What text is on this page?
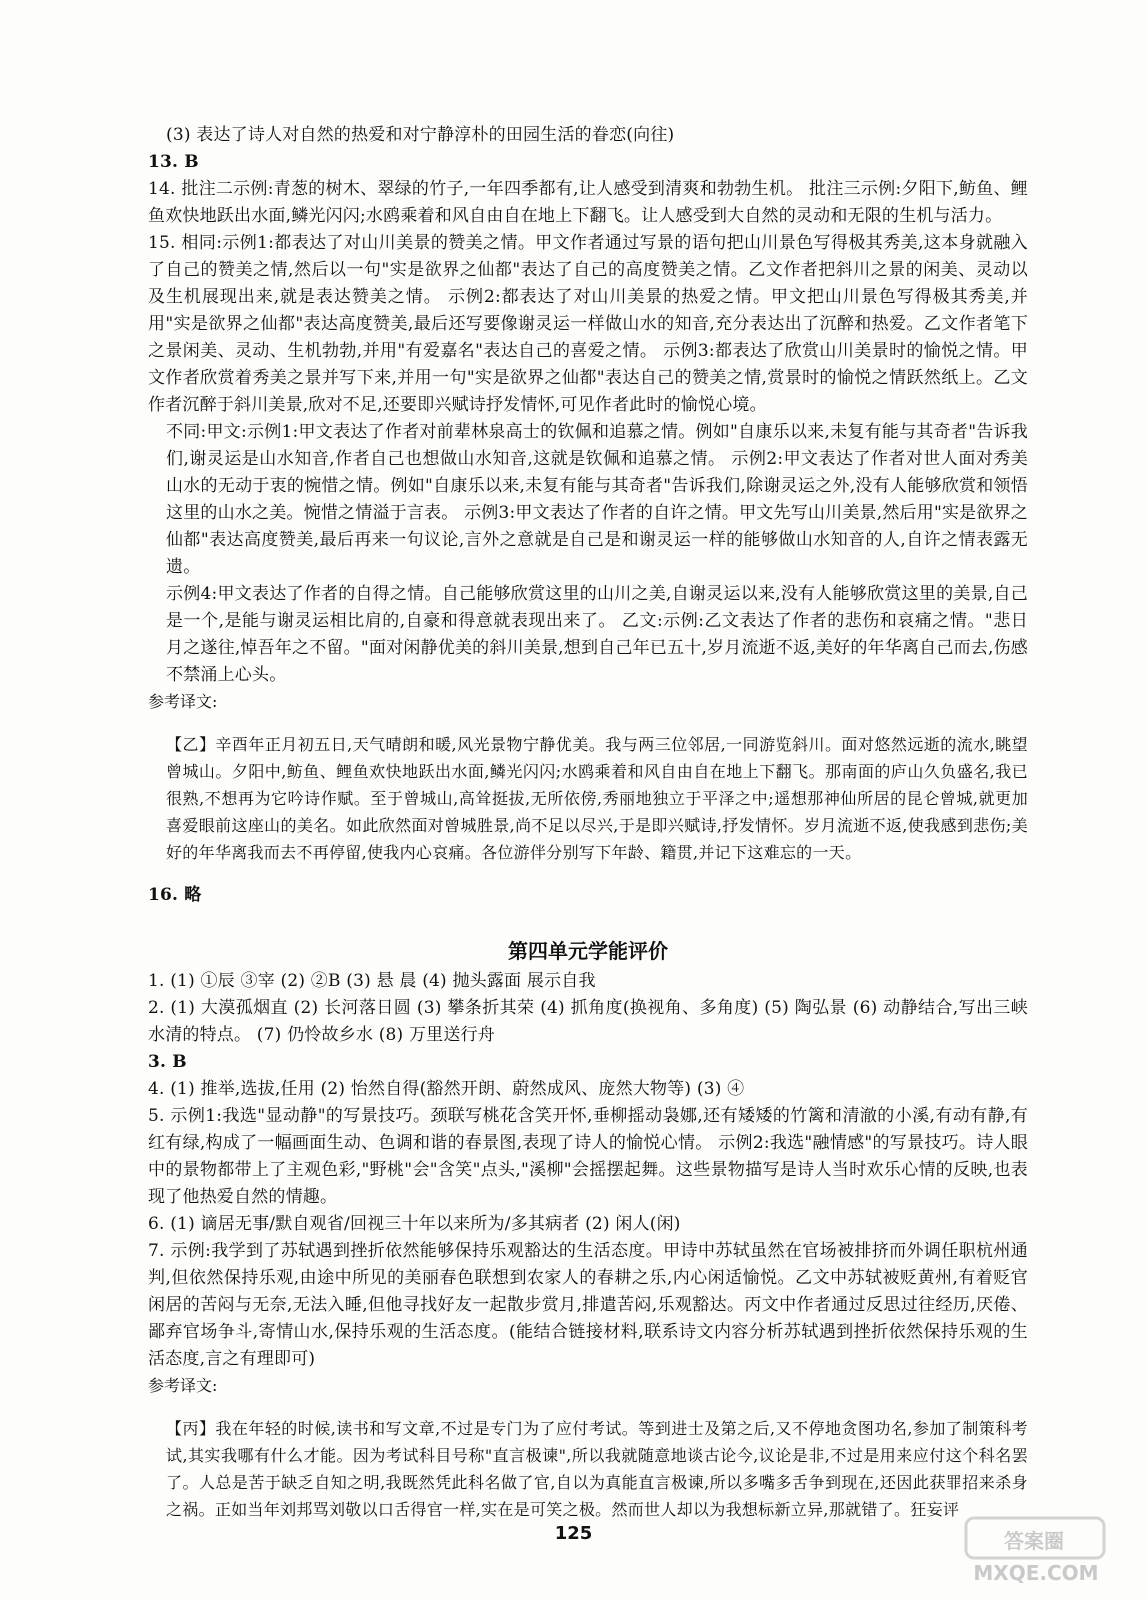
(3) 表达了诗人对自然的热爱和对宁静淳朴的田园生活的眷恋(向往)

13. B

14. 批注二示例:青葱的树木、翠绿的竹子,一年四季都有,让人感受到清爽和勃勃生机。 批注三示例:夕阳下,鲂鱼、鲤鱼欢快地跃出水面,鳞光闪闪;水鸥乘着和风自由自在地上下翻飞。让人感受到大自然的灵动和无限的生机与活力。

15. 相同:示例1:都表达了对山川美景的赞美之情。甲文作者通过写景的语句把山川景色写得极其秀美,这本身就融入了自己的赞美之情,然后以一句"实是欲界之仙都"表达了自己的高度赞美之情。乙文作者把斜川之景的闲美、灵动以及生机展现出来,就是表达赞美之情。 示例2:都表达了对山川美景的热爱之情。甲文把山川景色写得极其秀美,并用"实是欲界之仙都"表达高度赞美,最后还写要像谢灵运一样做山水的知音,充分表达出了沉醉和热爱。乙文作者笔下之景闲美、灵动、生机勃勃,并用"有爱嘉名"表达自己的喜爱之情。 示例3:都表达了欣赏山川美景时的愉悦之情。甲文作者欣赏着秀美之景并写下来,并用一句"实是欲界之仙都"表达自己的赞美之情,赏景时的愉悦之情跃然纸上。乙文作者沉醉于斜川美景,欣对不足,还要即兴赋诗抒发情怀,可见作者此时的愉悦心境。

不同:甲文:示例1:甲文表达了作者对前辈林泉高士的钦佩和追慕之情。例如"自康乐以来,未复有能与其奇者"告诉我们,谢灵运是山水知音,作者自己也想做山水知音,这就是钦佩和追慕之情。 示例2:甲文表达了作者对世人面对秀美山水的无动于衷的惋惜之情。例如"自康乐以来,未复有能与其奇者"告诉我们,除谢灵运之外,没有人能够欣赏和领悟这里的山水之美。惋惜之情溢于言表。 示例3:甲文表达了作者的自许之情。甲文先写山川美景,然后用"实是欲界之仙都"表达高度赞美,最后再来一句议论,言外之意就是自己是和谢灵运一样的能够做山水知音的人,自许之情表露无遗。

示例4:甲文表达了作者的自得之情。自己能够欣赏这里的山川之美,自谢灵运以来,没有人能够欣赏这里的美景,自己是一个,是能与谢灵运相比肩的,自豪和得意就表现出来了。 乙文:示例:乙文表达了作者的悲伤和哀痛之情。"悲日月之遂往,悼吾年之不留。"面对闲静优美的斜川美景,想到自己年已五十,岁月流逝不返,美好的年华离自己而去,伤感不禁涌上心头。

参考译文:

【乙】辛酉年正月初五日,天气晴朗和暖,风光景物宁静优美。我与两三位邻居,一同游览斜川。面对悠然远逝的流水,眺望曾城山。夕阳中,鲂鱼、鲤鱼欢快地跃出水面,鳞光闪闪;水鸥乘着和风自由自在地上下翻飞。那南面的庐山久负盛名,我已很熟,不想再为它吟诗作赋。至于曾城山,高耸挺拔,无所依傍,秀丽地独立于平泽之中;遥想那神仙所居的昆仑曾城,就更加喜爱眼前这座山的美名。如此欣然面对曾城胜景,尚不足以尽兴,于是即兴赋诗,抒发情怀。岁月流逝不返,使我感到悲伤;美好的年华离我而去不再停留,使我内心哀痛。各位游伴分别写下年龄、籍贯,并记下这难忘的一天。

16. 略

第四单元学能评价

1. (1) ①辰 ③宰 (2) ②B (3) 悬 晨 (4) 抛头露面 展示自我

2. (1) 大漠孤烟直 (2) 长河落日圆 (3) 攀条折其荣 (4) 抓角度(换视角、多角度) (5) 陶弘景 (6) 动静结合,写出三峡水清的特点。 (7) 仍怜故乡水 (8) 万里送行舟

3. B

4. (1) 推举,选拔,任用 (2) 怡然自得(豁然开朗、蔚然成风、庞然大物等) (3) ④

5. 示例1:我选"显动静"的写景技巧。颈联写桃花含笑开怀,垂柳摇动袅娜,还有矮矮的竹篱和清澈的小溪,有动有静,有红有绿,构成了一幅画面生动、色调和谐的春景图,表现了诗人的愉悦心情。 示例2:我选"融情感"的写景技巧。诗人眼中的景物都带上了主观色彩,"野桃"会"含笑"点头,"溪柳"会摇摆起舞。这些景物描写是诗人当时欢乐心情的反映,也表现了他热爱自然的情趣。

6. (1) 谪居无事/默自观省/回视三十年以来所为/多其病者 (2) 闲人(闲)

7. 示例:我学到了苏轼遇到挫折依然能够保持乐观豁达的生活态度。甲诗中苏轼虽然在官场被排挤而外调任职杭州通判,但依然保持乐观,由途中所见的美丽春色联想到农家人的春耕之乐,内心闲适愉悦。乙文中苏轼被贬黄州,有着贬官闲居的苦闷与无奈,无法入睡,但他寻找好友一起散步赏月,排遣苦闷,乐观豁达。丙文中作者通过反思过往经历,厌倦、鄙弃官场争斗,寄情山水,保持乐观的生活态度。(能结合链接材料,联系诗文内容分析苏轼遇到挫折依然保持乐观的生活态度,言之有理即可)

参考译文:

【丙】我在年轻的时候,读书和写文章,不过是专门为了应付考试。等到进士及第之后,又不停地贪图功名,参加了制策科考试,其实我哪有什么才能。因为考试科目号称"直言极谏",所以我就随意地谈古论今,议论是非,不过是用来应付这个科名罢了。人总是苦于缺乏自知之明,我既然凭此科名做了官,自以为真能直言极谏,所以多嘴多舌争到现在,还因此获罪招来杀身之祸。正如当年刘邦骂刘敬以口舌得官一样,实在是可笑之极。然而世人却以为我想标新立异,那就错了。狂妄评

125	答案圈
MXQE.COM
